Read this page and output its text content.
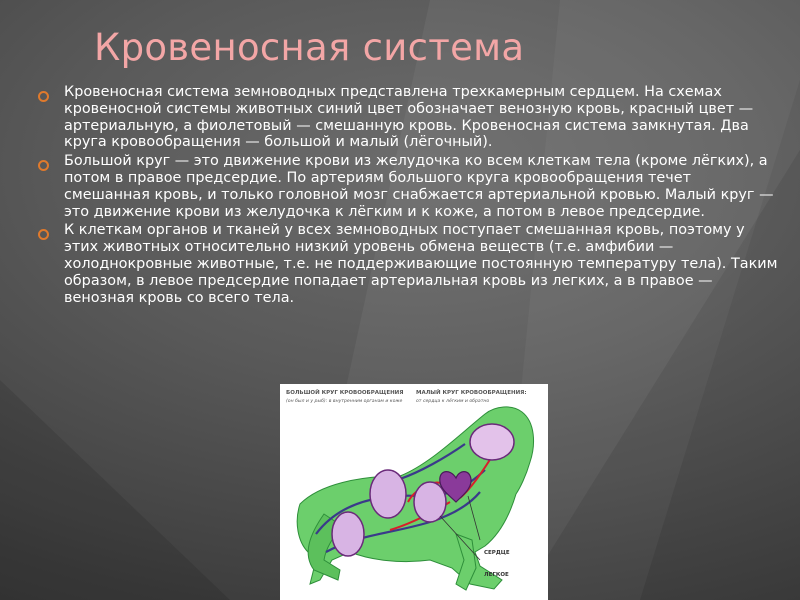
Кровеносная система
Кровеносная система земноводных представлена трехкамерным сердцем. На схемах кровеносной системы животных синий цвет обозначает венозную кровь, красный цвет — артериальную, а фиолетовый — смешанную кровь. Кровеносная система замкнутая. Два круга кровообращения — большой и малый (лёгочный).
Большой круг — это движение крови из желудочка ко всем клеткам тела (кроме лёгких), а потом в правое предсердие. По артериям большого круга кровообращения течет смешанная кровь, и только головной мозг снабжается артериальной кровью. Малый круг — это движение крови из желудочка к лёгким и к коже, а потом в левое предсердие.
К клеткам органов и тканей у всех земноводных поступает смешанная кровь, поэтому у этих животных относительно низкий уровень обмена веществ (т.е. амфибии — холоднокровные животные, т.е. не поддерживающие постоянную температуру тела). Таким образом, в левое предсердие попадает артериальная кровь из легких, а в правое — венозная кровь со всего тела.
БОЛЬШОЙ КРУГ КРОВООБРАЩЕНИЯ
(он был и у рыб): в внутренним органам и коже
МАЛЫЙ КРУГ КРОВООБРАЩЕНИЯ:
от сердца к лёгким и обратно
СЕРДЦЕ
ЛЕГКОЕ
